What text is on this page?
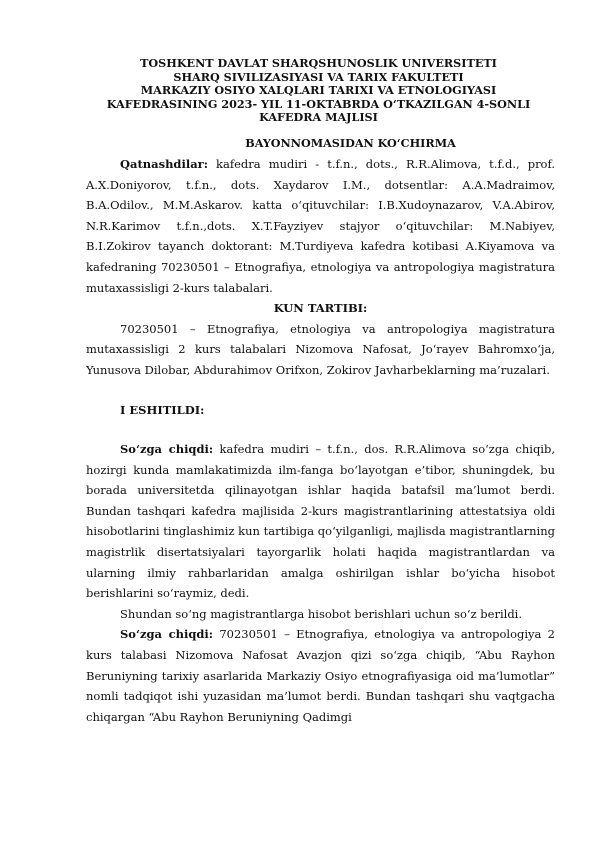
TOSHKENT DAVLAT SHARQSHUNOSLIK UNIVERSITETI
SHARQ SIVILIZASIYASI VA TARIX FAKULTETI
MARKAZIY OSIYO XALQLARI TARIXI VA ETNOLOGIYASI
KAFEDRASINING 2023- YIL 11-OKTABRDA O‘TKAZILGAN 4-SONLI
KAFEDRA MAJLISI
BAYONNOMASIDAN KO‘CHIRMA

Qatnashdilar: kafedra mudiri - t.f.n., dots., R.R.Alimova, t.f.d., prof. A.X.Doniyorov, t.f.n., dots. Xaydarov I.M., dotsentlar: A.A.Madraimov, B.A.Odilov., M.M.Askarov. katta o‘qituvchilar: I.B.Xudoynazarov, V.A.Abirov, N.R.Karimov t.f.n.,dots. X.T.Fayziyev stajyor o‘qituvchilar: M.Nabiyev, B.I.Zokirov tayanch doktorant: M.Turdiyeva kafedra kotibasi A.Kiyamova va kafedraning 70230501 – Etnografiya, etnologiya va antropologiya magistratura mutaxassisligi 2-kurs talabalari.

KUN TARTIBI:

70230501 – Etnografiya, etnologiya va antropologiya magistratura mutaxassisligi 2 kurs talabalari Nizomova Nafosat, Jo‘rayev Bahromxo‘ja, Yunusova Dilobar, Abdurahimov Orifxon, Zokirov Javharbeklarning ma’ruzalari.

I ESHITILDI:

So‘zga chiqdi: kafedra mudiri – t.f.n., dos. R.R.Alimova so‘zga chiqib, hozirgi kunda mamlakatimizda ilm-fanga bo‘layotgan e’tibor, shuningdek, bu borada universitetda qilinayotgan ishlar haqida batafsil ma’lumot berdi. Bundan tashqari kafedra majlisida 2-kurs magistrantlarining attestatsiya oldi hisobotlarini tinglashimiz kun tartibiga qo‘yilganligi, majlisda magistrantlarning magistrlik disertatsiyalari tayorgarlik holati haqida magistrantlardan va ularning ilmiy rahbarlaridan amalga oshirilgan ishlar bo‘yicha hisobot berishlarini so‘raymiz, dedi.

Shundan so‘ng magistrantlarga hisobot berishlari uchun so‘z berildi.

So‘zga chiqdi: 70230501 – Etnografiya, etnologiya va antropologiya 2 kurs talabasi Nizomova Nafosat Avazjon qizi so‘zga chiqib, “Abu Rayhon Beruniyning tarixiy asarlarida Markaziy Osiyo etnografiyasiga oid ma’lumotlar” nomli tadqiqot ishi yuzasidan ma’lumot berdi. Bundan tashqari shu vaqtgacha chiqargan “Abu Rayhon Beruniyning Qadimgi
